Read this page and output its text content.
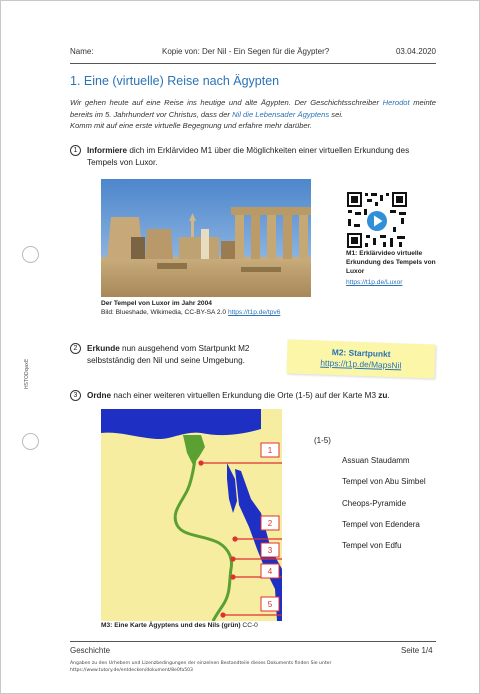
HSTODqaxE
Name:	Kopie von: Der Nil - Ein Segen für die Ägypter?	03.04.2020
1. Eine (virtuelle) Reise nach Ägypten
Wir gehen heute auf eine Reise ins heutige und alte Ägypten. Der Geschichtsschreiber Herodot meinte bereits im 5. Jahrhundert vor Christus, dass der Nil die Lebensader Ägyptens sei.
Komm mit auf eine erste virtuelle Begegnung und erfahre mehr darüber.
1	Informiere dich im Erklärvideo M1 über die Möglichkeiten einer virtuellen Erkundung des Tempels von Luxor.
Der Tempel von Luxor im Jahr 2004
Bild: Blueshade, Wikimedia, CC-BY-SA 2.0 https://t1p.de/tpv6
M1: Erklärvideo virtuelle Erkundung des Tempels von Luxor
https://t1p.de/Luxor
2	Erkunde nun ausgehend vom Startpunkt M2 selbstständig den Nil und seine Umgebung.
M2: Startpunkt
https://t1p.de/MapsNil
3	Ordne nach einer weiteren virtuellen Erkundung die Orte (1-5) auf der Karte M3 zu.
1
2
3
4
5
M3: Eine Karte Ägyptens und des Nils (grün) CC-0
(1-5)
Assuan Staudamm
Tempel von Abu Simbel
Cheops-Pyramide
Tempel von Edendera
Tempel von Edfu
Geschichte	Seite 1/4
Angaben zu den Urhebern und Lizenzbedingungen der einzelnen Bestandteile dieses Dokuments finden Sie unter https://www.tutory.de/entdecken/dokument/8e0fa503
